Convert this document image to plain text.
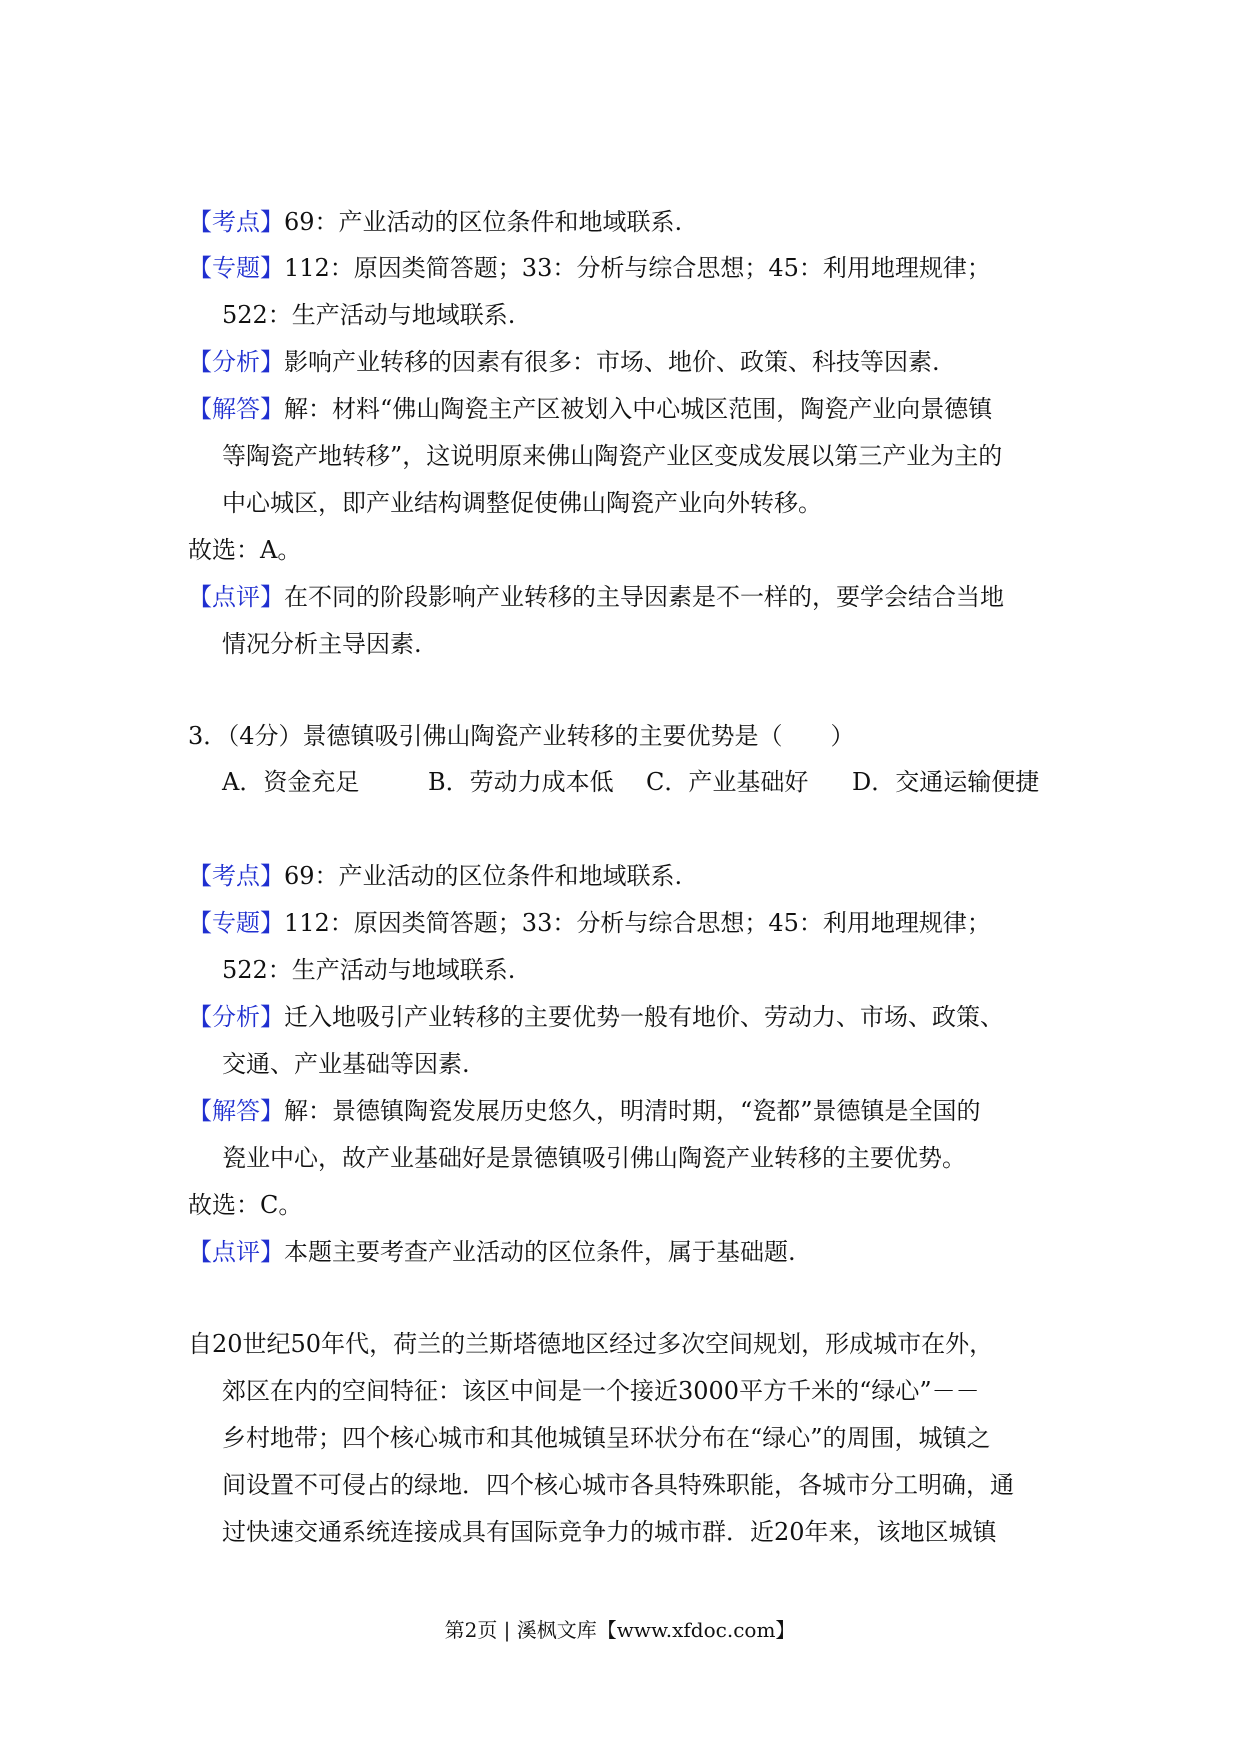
【考点】69：产业活动的区位条件和地域联系.
【专题】112：原因类简答题；33：分析与综合思想；45：利用地理规律；
522：生产活动与地域联系.
【分析】影响产业转移的因素有很多：市场、地价、政策、科技等因素.
【解答】解：材料“佛山陶瓷主产区被划入中心城区范围，陶瓷产业向景德镇
等陶瓷产地转移”，这说明原来佛山陶瓷产业区变成发展以第三产业为主的
中心城区，即产业结构调整促使佛山陶瓷产业向外转移。
故选：A。
【点评】在不同的阶段影响产业转移的主导因素是不一样的，要学会结合当地
情况分析主导因素.
3．（4分）景德镇吸引佛山陶瓷产业转移的主要优势是（　　）
A．资金充足	B．劳动力成本低 C．产业基础好 D．交通运输便捷
【考点】69：产业活动的区位条件和地域联系.
【专题】112：原因类简答题；33：分析与综合思想；45：利用地理规律；
522：生产活动与地域联系.
【分析】迁入地吸引产业转移的主要优势一般有地价、劳动力、市场、政策、
交通、产业基础等因素.
【解答】解：景德镇陶瓷发展历史悠久，明清时期，“瓷都”景德镇是全国的
瓷业中心，故产业基础好是景德镇吸引佛山陶瓷产业转移的主要优势。
故选：C。
【点评】本题主要考查产业活动的区位条件，属于基础题.
自20世纪50年代，荷兰的兰斯塔德地区经过多次空间规划，形成城市在外，
郊区在内的空间特征：该区中间是一个接近3000平方千米的“绿心”－－
乡村地带；四个核心城市和其他城镇呈环状分布在“绿心”的周围，城镇之
间设置不可侵占的绿地．四个核心城市各具特殊职能，各城市分工明确，通
过快速交通系统连接成具有国际竞争力的城市群．近20年来，该地区城镇
第2页 | 溪枫文库【www.xfdoc.com】
